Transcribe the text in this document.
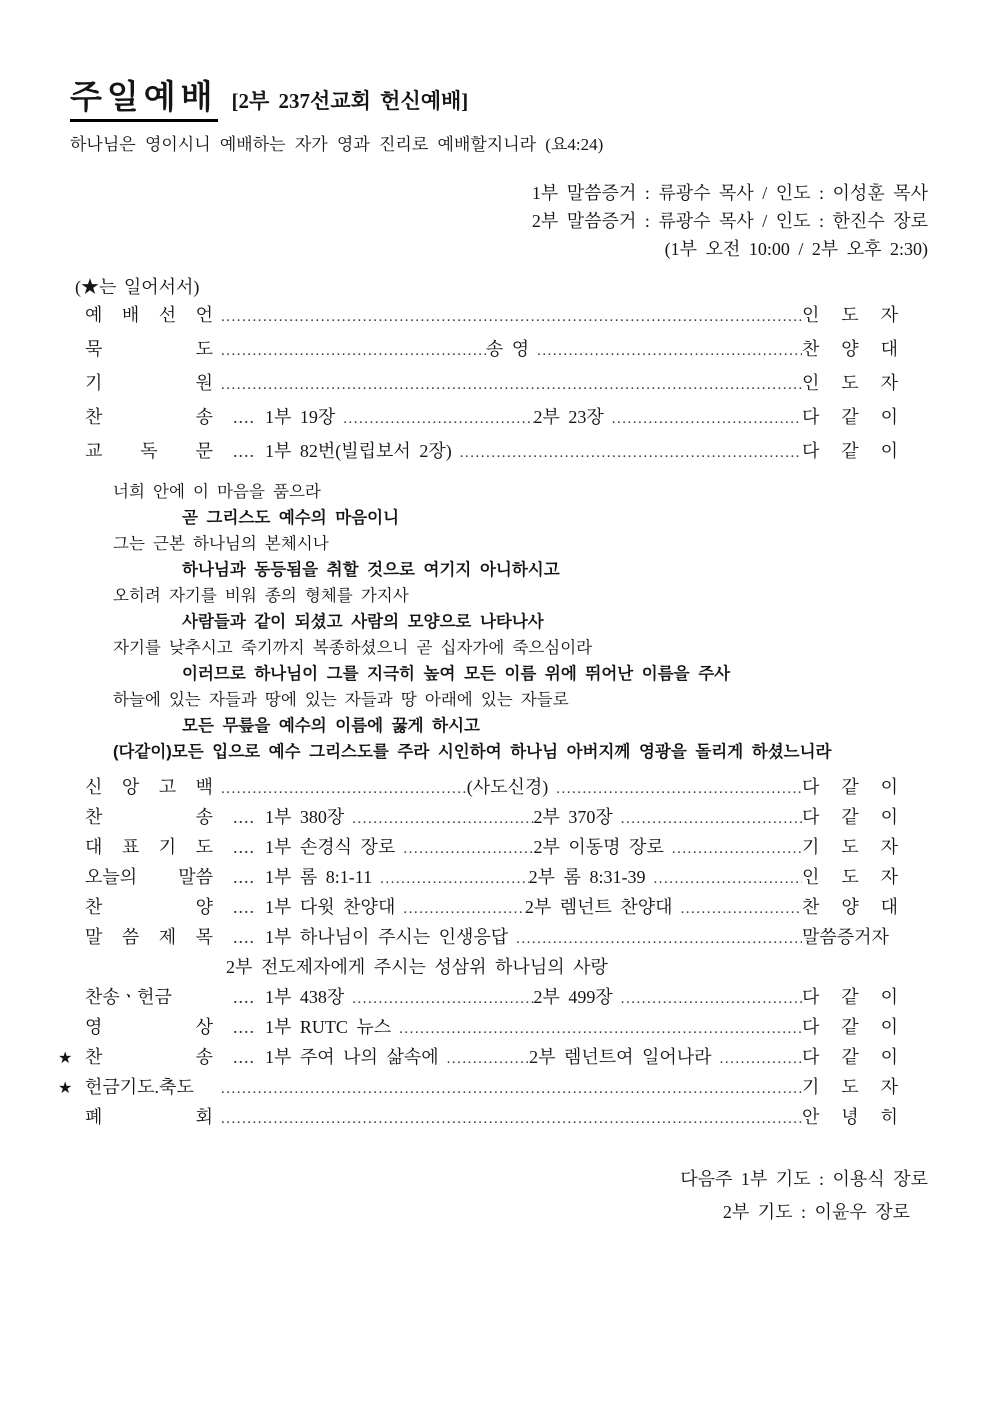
주일예배 [2부 237선교회 헌신예배]
하나님은 영이시니 예배하는 자가 영과 진리로 예배할지니라 (요4:24)
1부 말씀증거 : 류광수 목사 / 인도 : 이성훈 목사
2부 말씀증거 : 류광수 목사 / 인도 : 한진수 장로
(1부 오전 10:00 / 2부 오후 2:30)
(★는 일어서서)
예 배 선 언 .....	인 도 자
묵 도 .....	송 영 .....	찬 양 대
기 원 .....	인 도 자
찬 송	.... 1부 19장 .....	2부 23장 .....	다 같 이
교 독 문	.... 1부 82번(빌립보서 2장) .....	다 같 이
너희 안에 이 마음을 품으라
곧 그리스도 예수의 마음이니
그는 근본 하나님의 본체시나
하나님과 동등됨을 취할 것으로 여기지 아니하시고
오히려 자기를 비워 종의 형체를 가지사
사람들과 같이 되셨고 사람의 모양으로 나타나사
자기를 낮추시고 죽기까지 복종하셨으니 곧 십자가에 죽으심이라
이러므로 하나님이 그를 지극히 높여 모든 이름 위에 뛰어난 이름을 주사
하늘에 있는 자들과 땅에 있는 자들과 땅 아래에 있는 자들로
모든 무릎을 예수의 이름에 꿇게 하시고
(다같이)모든 입으로 예수 그리스도를 주라 시인하여 하나님 아버지께 영광을 돌리게 하셨느니라
신 앙 고 백 .....	(사도신경) .....	다 같 이
찬 송	.... 1부 380장 .....	2부 370장 .....	다 같 이
대 표 기 도	.... 1부 손경식 장로 .....	2부 이동명 장로 .....	기 도 자
오늘의 말씀	.... 1부 롬 8:1-11 .....	2부 롬 8:31-39 .....	인 도 자
찬 양	.... 1부 다윗 찬양대 .....	2부 렘넌트 찬양대 .....	찬 양 대
말 씀 제 목	.... 1부 하나님이 주시는 인생응답 .....	말씀증거자
2부 전도제자에게 주시는 성삼위 하나님의 사랑
찬송ㆍ헌금	.... 1부 438장 .....	2부 499장 .....	다 같 이
영 상	.... 1부 RUTC 뉴스 .....	다 같 이
★ 찬 송	.... 1부 주여 나의 삶속에 .....	2부 렘넌트여 일어나라 .....	다 같 이
★ 헌금기도.축도 .....	기 도 자
폐 회 .....	안 녕 히
다음주 1부 기도 : 이용식 장로
2부 기도 : 이윤우 장로
